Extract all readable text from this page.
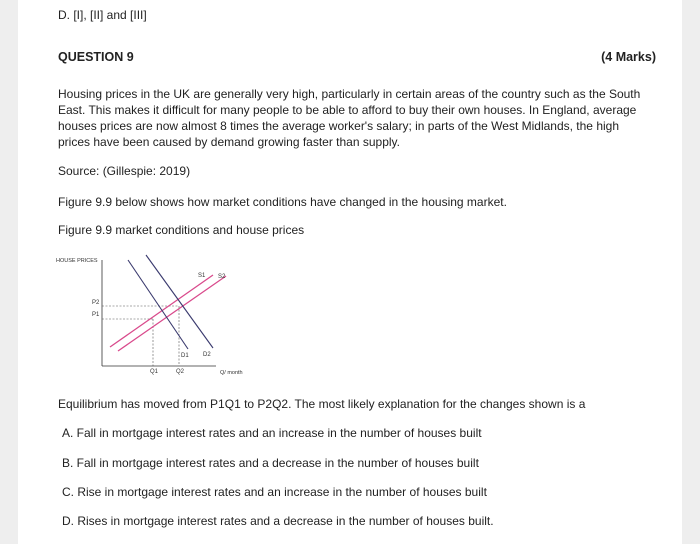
D. [I], [II] and [III]
QUESTION 9	(4 Marks)
Housing prices in the UK are generally very high, particularly in certain areas of the country such as the South East. This makes it difficult for many people to be able to afford to buy their own houses. In England, average houses prices are now almost 8 times the average worker's salary; in parts of the West Midlands, the high prices have been caused by demand growing faster than supply.
Source: (Gillespie: 2019)
Figure 9.9 below shows how market conditions have changed in the housing market.
Figure 9.9 market conditions and house prices
HOUSE PRICES
Q/ month
P2
P1
Q1	Q2
S1 S2
D1 D2
Equilibrium has moved from P1Q1 to P2Q2. The most likely explanation for the changes shown is a
A. Fall in mortgage interest rates and an increase in the number of houses built
B. Fall in mortgage interest rates and a decrease in the number of houses built
C. Rise in mortgage interest rates and an increase in the number of houses built
D. Rises in mortgage interest rates and a decrease in the number of houses built.
